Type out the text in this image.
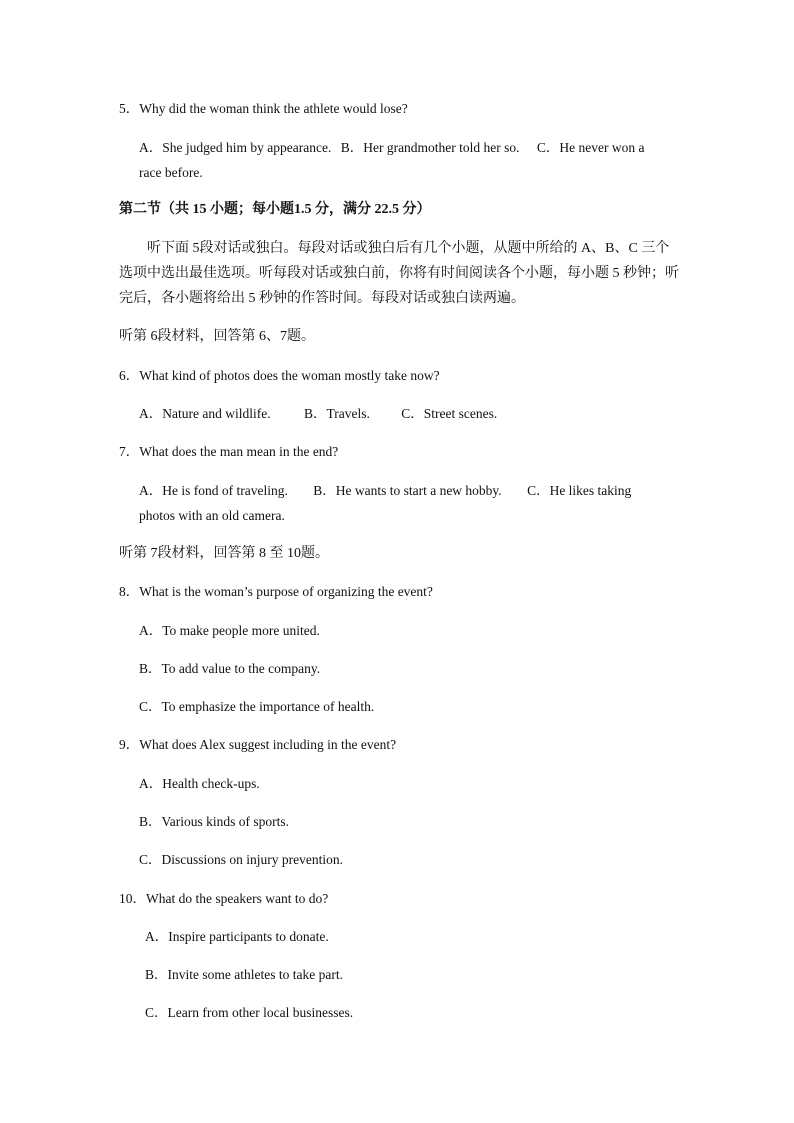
5．Why did the woman think the athlete would lose?
A．She judged him by appearance. B．Her grandmother told her so. C．He never won a
race before.
第二节（共 15 小题；每小题1.5 分，满分 22.5 分）
听下面 5段对话或独白。每段对话或独白后有几个小题，从题中所给的 A、B、C 三个选项中选出最佳选项。听每段对话或独白前，你将有时间阅读各个小题，每小题 5 秒钟；听完后，各小题将给出 5 秒钟的作答时间。每段对话或独白读两遍。
听第 6段材料，回答第 6、7题。
6．What kind of photos does the woman mostly take now?
A．Nature and wildlife. B．Travels. C．Street scenes.
7．What does the man mean in the end?
A．He is fond of traveling. B．He wants to start a new hobby. C．He likes taking
photos with an old camera.
听第 7段材料，回答第 8 至 10题。
8．What is the woman’s purpose of organizing the event?
A．To make people more united.
B．To add value to the company.
C．To emphasize the importance of health.
9．What does Alex suggest including in the event?
A．Health check-ups.
B．Various kinds of sports.
C．Discussions on injury prevention.
10．What do the speakers want to do?
A．Inspire participants to donate.
B．Invite some athletes to take part.
C．Learn from other local businesses.
